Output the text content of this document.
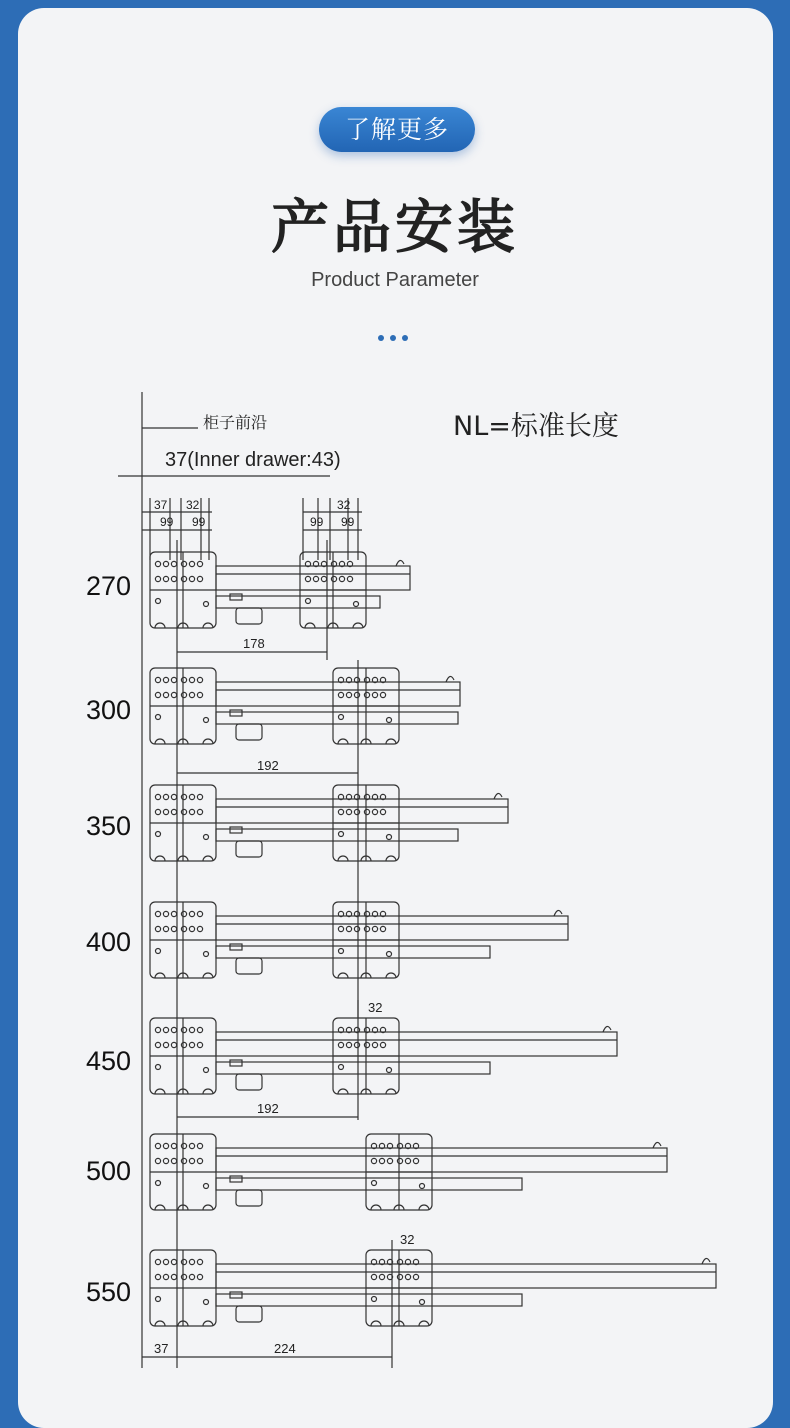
了解更多
产品安装
Product Parameter
NL=标准长度
270
300
350
400
450
500
550
柜子前沿
37(Inner drawer:43)
37 32
99 99
32
99 99
178
192
32
192
32
37	224
